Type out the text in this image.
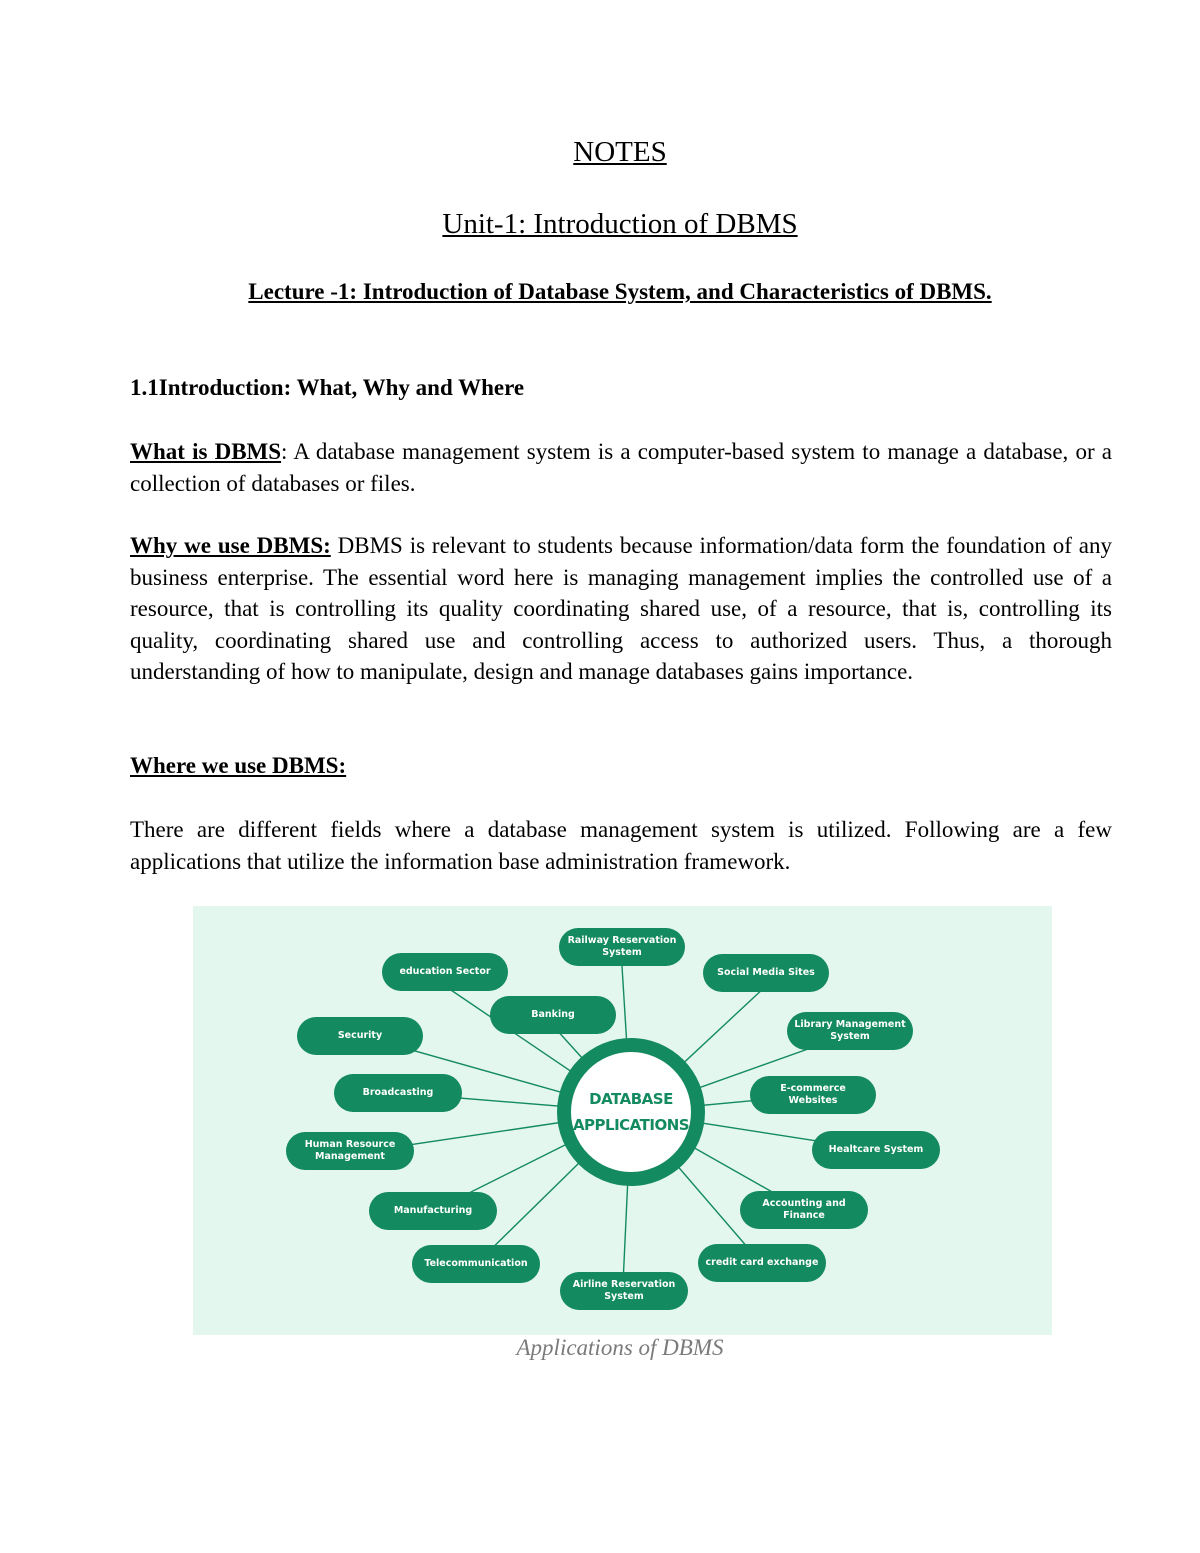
NOTES
Unit-1: Introduction of DBMS
Lecture -1: Introduction of Database System, and Characteristics of DBMS.
1.1Introduction: What, Why and Where
What is DBMS: A database management system is a computer-based system to manage a database, or a collection of databases or files.
Why we use DBMS: DBMS is relevant to students because information/data form the foundation of any business enterprise. The essential word here is managing management implies the controlled use of a resource, that is controlling its quality coordinating shared use, of a resource, that is, controlling its quality, coordinating shared use and controlling access to authorized users. Thus, a thorough understanding of how to manipulate, design and manage databases gains importance.
Where we use DBMS:
There are different fields where a database management system is utilized. Following are a few applications that utilize the information base administration framework.
Railway Reservation System
education Sector	Social Media Sites
Banking
Library Management System
Security
Broadcasting	E-commerce Websites
Human Resource Management
Healtcare System
Manufacturing
Accounting and Finance
Telecommunication	credit card exchange
Airline Reservation System
DATABASE
APPLICATIONS
Applications of DBMS
